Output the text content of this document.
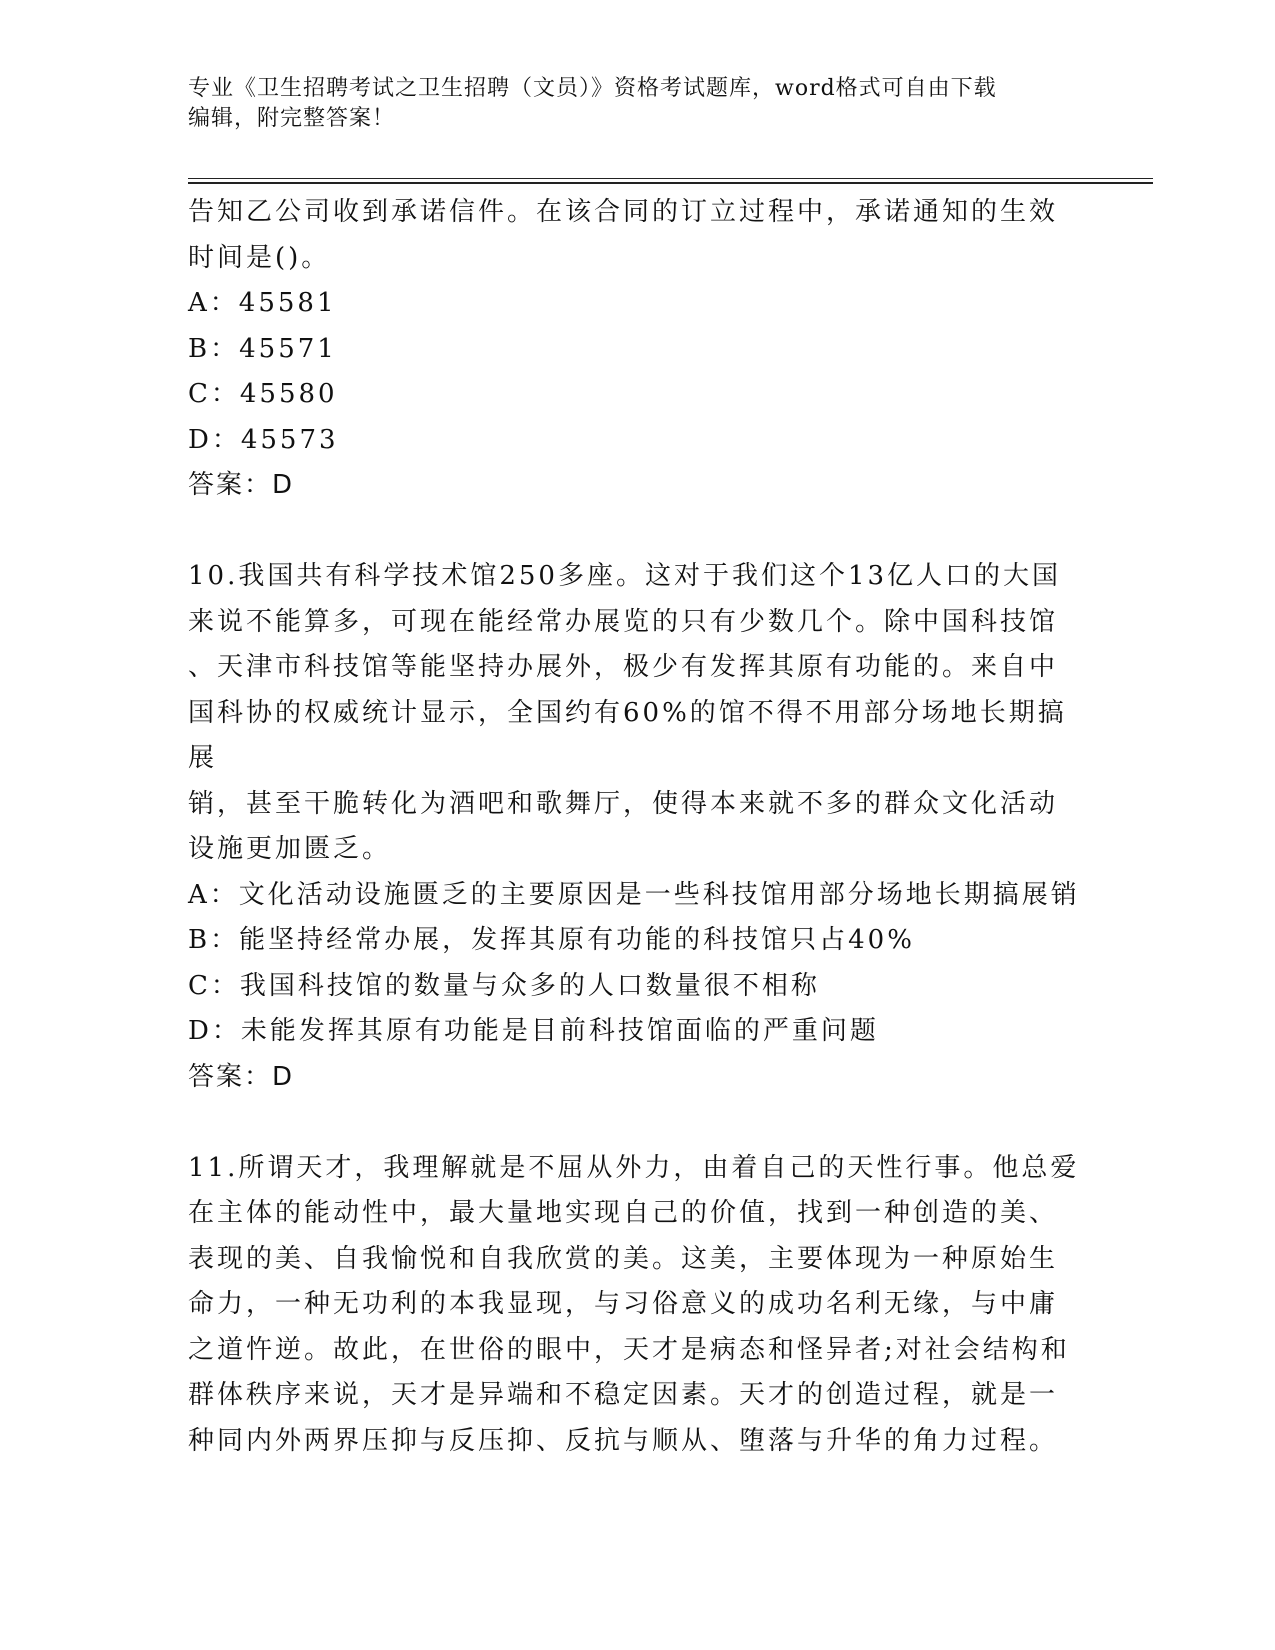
专业《卫生招聘考试之卫生招聘（文员）》资格考试题库，word格式可自由下载
编辑，附完整答案！

告知乙公司收到承诺信件。在该合同的订立过程中，承诺通知的生效

时间是()。

A：45581

B：45571

C：45580

D：45573

答案：D

10.我国共有科学技术馆250多座。这对于我们这个13亿人口的大国

来说不能算多，可现在能经常办展览的只有少数几个。除中国科技馆

、天津市科技馆等能坚持办展外，极少有发挥其原有功能的。来自中

国科协的权威统计显示，全国约有60%的馆不得不用部分场地长期搞展

销，甚至干脆转化为酒吧和歌舞厅，使得本来就不多的群众文化活动

设施更加匮乏。

A：文化活动设施匮乏的主要原因是一些科技馆用部分场地长期搞展销

B：能坚持经常办展，发挥其原有功能的科技馆只占40%

C：我国科技馆的数量与众多的人口数量很不相称

D：未能发挥其原有功能是目前科技馆面临的严重问题

答案：D

11.所谓天才，我理解就是不屈从外力，由着自己的天性行事。他总爱

在主体的能动性中，最大量地实现自己的价值，找到一种创造的美、

表现的美、自我愉悦和自我欣赏的美。这美，主要体现为一种原始生

命力，一种无功利的本我显现，与习俗意义的成功名利无缘，与中庸

之道忤逆。故此，在世俗的眼中，天才是病态和怪异者;对社会结构和

群体秩序来说，天才是异端和不稳定因素。天才的创造过程，就是一

种同内外两界压抑与反压抑、反抗与顺从、堕落与升华的角力过程。
